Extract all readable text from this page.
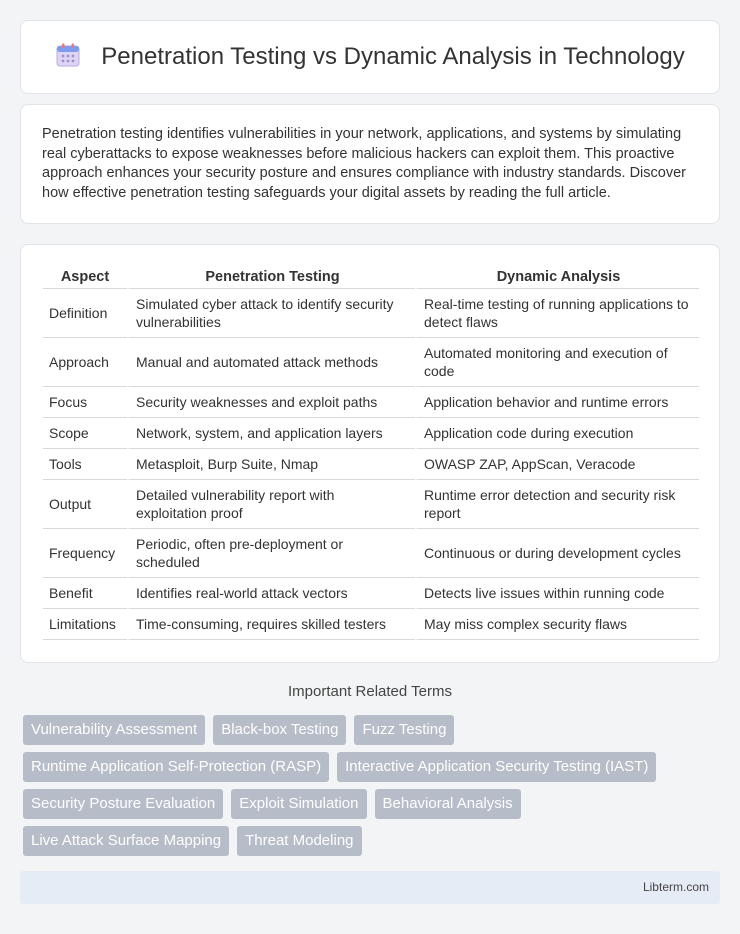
Penetration Testing vs Dynamic Analysis in Technology

Penetration testing identifies vulnerabilities in your network, applications, and systems by simulating real cyberattacks to expose weaknesses before malicious hackers can exploit them. This proactive approach enhances your security posture and ensures compliance with industry standards. Discover how effective penetration testing safeguards your digital assets by reading the full article.

Aspect	Penetration Testing	Dynamic Analysis
Definition	Simulated cyber attack to identify security vulnerabilities	Real-time testing of running applications to detect flaws
Approach	Manual and automated attack methods	Automated monitoring and execution of code
Focus	Security weaknesses and exploit paths	Application behavior and runtime errors
Scope	Network, system, and application layers	Application code during execution
Tools	Metasploit, Burp Suite, Nmap	OWASP ZAP, AppScan, Veracode
Output	Detailed vulnerability report with exploitation proof	Runtime error detection and security risk report
Frequency	Periodic, often pre-deployment or scheduled	Continuous or during development cycles
Benefit	Identifies real-world attack vectors	Detects live issues within running code
Limitations	Time-consuming, requires skilled testers	May miss complex security flaws
Important Related Terms
Vulnerability Assessment	Black-box Testing	Fuzz Testing
Runtime Application Self-Protection (RASP)	Interactive Application Security Testing (IAST)
Security Posture Evaluation	Exploit Simulation	Behavioral Analysis
Live Attack Surface Mapping	Threat Modeling
Libterm.com
